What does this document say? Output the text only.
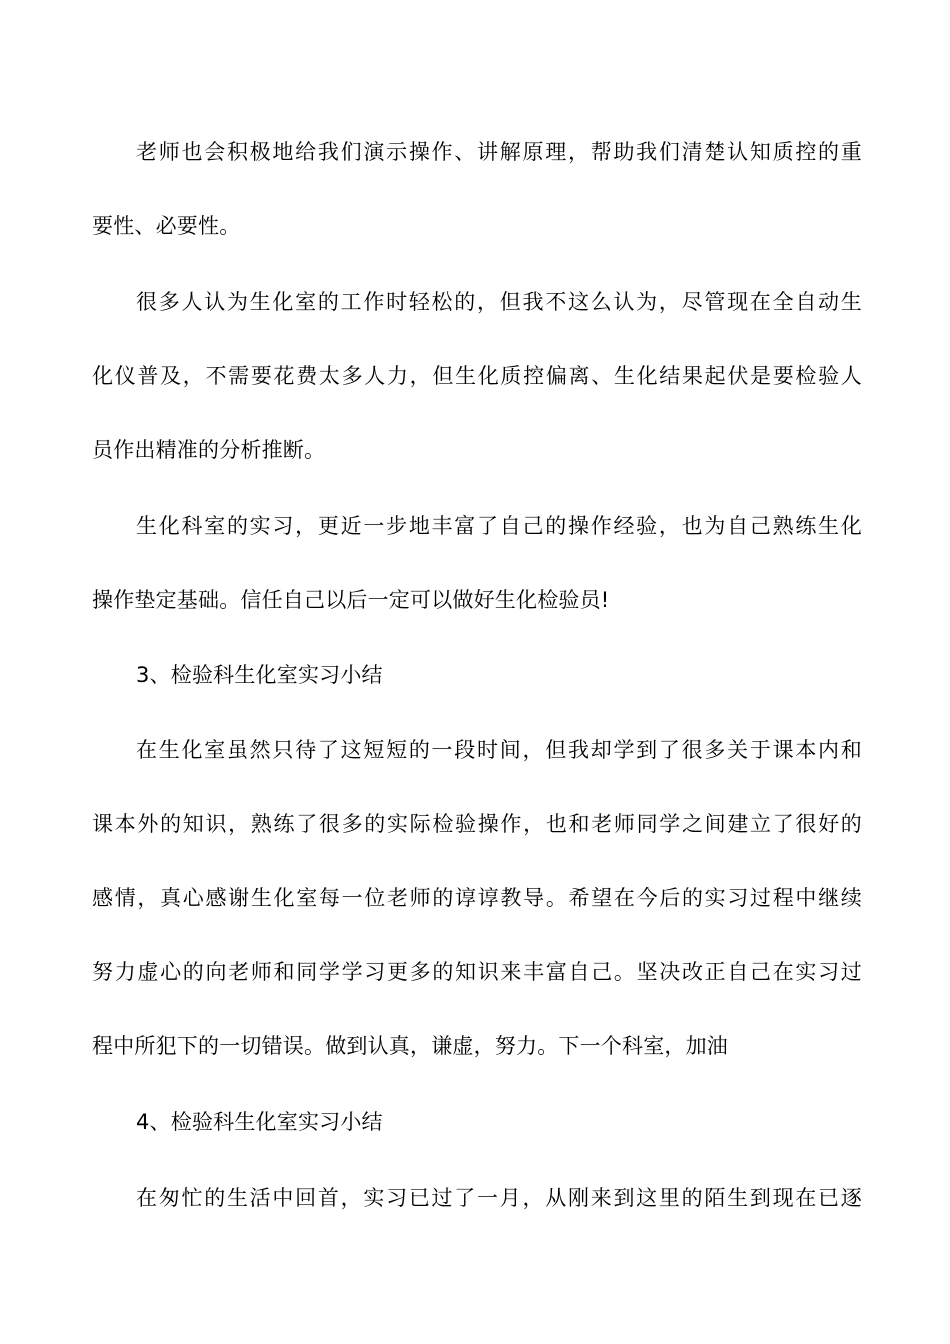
老师也会积极地给我们演示操作、讲解原理，帮助我们清楚认知质控的重
要性、必要性。
很多人认为生化室的工作时轻松的，但我不这么认为，尽管现在全自动生
化仪普及，不需要花费太多人力，但生化质控偏离、生化结果起伏是要检验人
员作出精准的分析推断。
生化科室的实习，更近一步地丰富了自己的操作经验，也为自己熟练生化
操作垫定基础。信任自己以后一定可以做好生化检验员!
3、检验科生化室实习小结
在生化室虽然只待了这短短的一段时间，但我却学到了很多关于课本内和
课本外的知识，熟练了很多的实际检验操作，也和老师同学之间建立了很好的
感情，真心感谢生化室每一位老师的谆谆教导。希望在今后的实习过程中继续
努力虚心的向老师和同学学习更多的知识来丰富自己。坚决改正自己在实习过
程中所犯下的一切错误。做到认真，谦虚，努力。下一个科室，加油
4、检验科生化室实习小结
在匆忙的生活中回首，实习已过了一月，从刚来到这里的陌生到现在已逐
